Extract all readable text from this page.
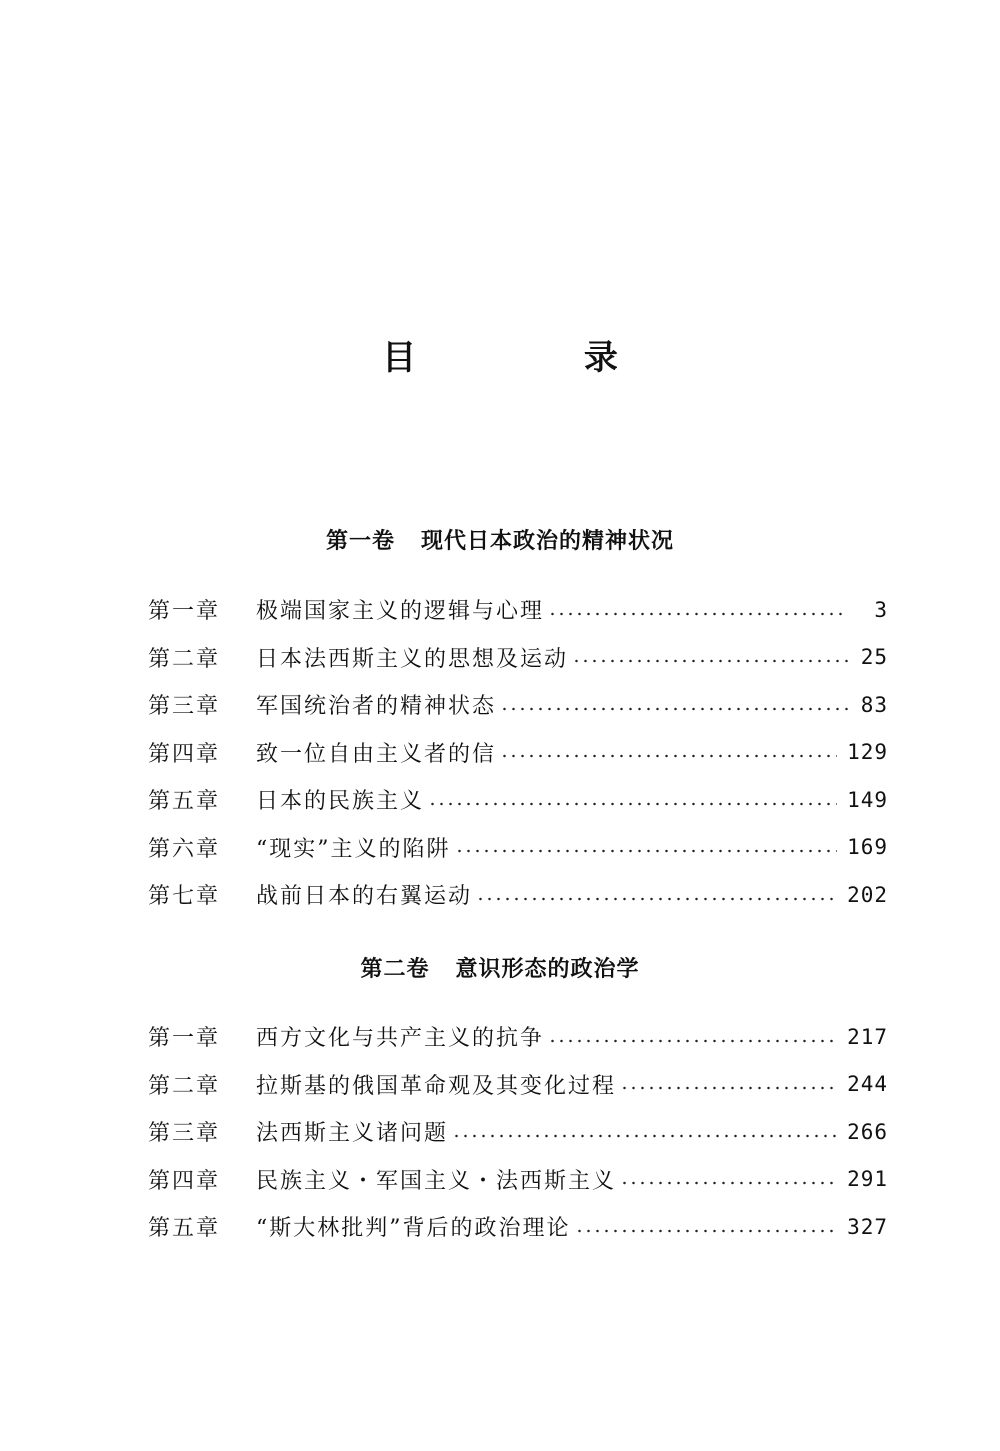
目 录
第一卷 现代日本政治的精神状况
第一章	极端国家主义的逻辑与心理	3
第二章	日本法西斯主义的思想及运动	25
第三章	军国统治者的精神状态	83
第四章	致一位自由主义者的信	129
第五章	日本的民族主义	149
第六章	“现实”主义的陷阱	169
第七章	战前日本的右翼运动	202
第二卷 意识形态的政治学
第一章	西方文化与共产主义的抗争	217
第二章	拉斯基的俄国革命观及其变化过程	244
第三章	法西斯主义诸问题	266
第四章	民族主义・军国主义・法西斯主义	291
第五章	“斯大林批判”背后的政治理论	327
